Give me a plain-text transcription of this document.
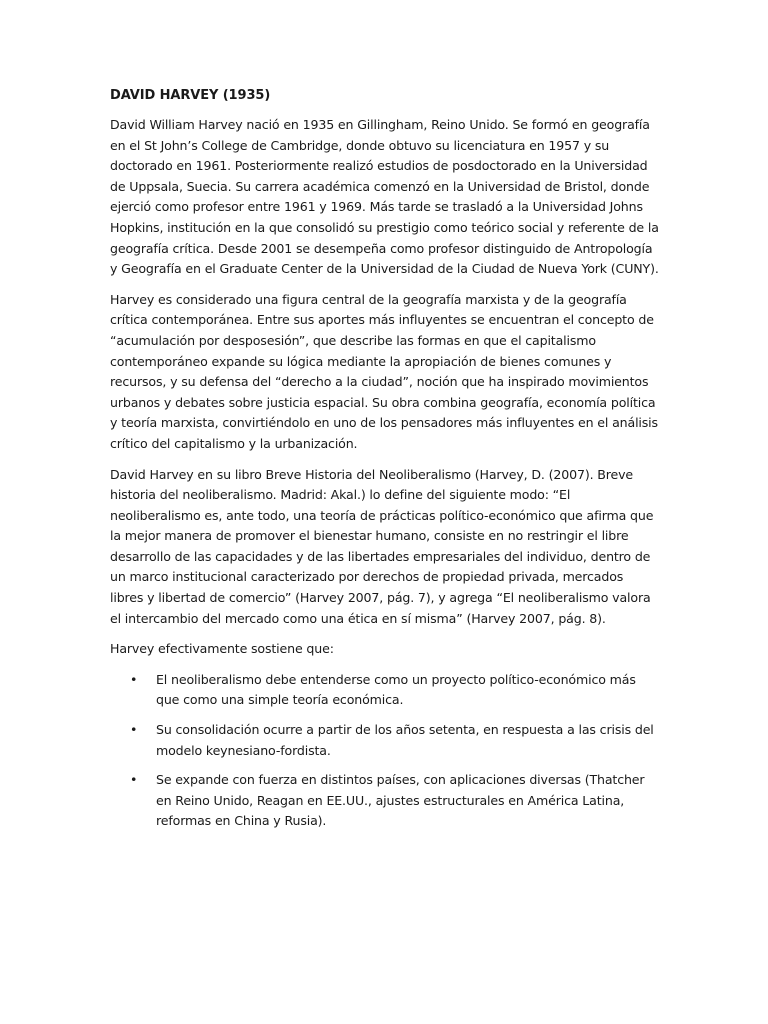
DAVID HARVEY (1935)

David William Harvey nació en 1935 en Gillingham, Reino Unido. Se formó en geografía en el St John’s College de Cambridge, donde obtuvo su licenciatura en 1957 y su doctorado en 1961. Posteriormente realizó estudios de posdoctorado en la Universidad de Uppsala, Suecia. Su carrera académica comenzó en la Universidad de Bristol, donde ejerció como profesor entre 1961 y 1969. Más tarde se trasladó a la Universidad Johns Hopkins, institución en la que consolidó su prestigio como teórico social y referente de la geografía crítica. Desde 2001 se desempeña como profesor distinguido de Antropología y Geografía en el Graduate Center de la Universidad de la Ciudad de Nueva York (CUNY).

Harvey es considerado una figura central de la geografía marxista y de la geografía crítica contemporánea. Entre sus aportes más influyentes se encuentran el concepto de “acumulación por desposesión”, que describe las formas en que el capitalismo contemporáneo expande su lógica mediante la apropiación de bienes comunes y recursos, y su defensa del “derecho a la ciudad”, noción que ha inspirado movimientos urbanos y debates sobre justicia espacial. Su obra combina geografía, economía política y teoría marxista, convirtiéndolo en uno de los pensadores más influyentes en el análisis crítico del capitalismo y la urbanización.

David Harvey en su libro Breve Historia del Neoliberalismo (Harvey, D. (2007). Breve historia del neoliberalismo. Madrid: Akal.) lo define del siguiente modo: “El neoliberalismo es, ante todo, una teoría de prácticas político-económico que afirma que la mejor manera de promover el bienestar humano, consiste en no restringir el libre desarrollo de las capacidades y de las libertades empresariales del individuo, dentro de un marco institucional caracterizado por derechos de propiedad privada, mercados libres y libertad de comercio” (Harvey 2007, pág. 7), y agrega “El neoliberalismo valora el intercambio del mercado como una ética en sí misma” (Harvey 2007, pág. 8).

Harvey efectivamente sostiene que:

• El neoliberalismo debe entenderse como un proyecto político-económico más que como una simple teoría económica.
• Su consolidación ocurre a partir de los años setenta, en respuesta a las crisis del modelo keynesiano-fordista.
• Se expande con fuerza en distintos países, con aplicaciones diversas (Thatcher en Reino Unido, Reagan en EE.UU., ajustes estructurales en América Latina, reformas en China y Rusia).
